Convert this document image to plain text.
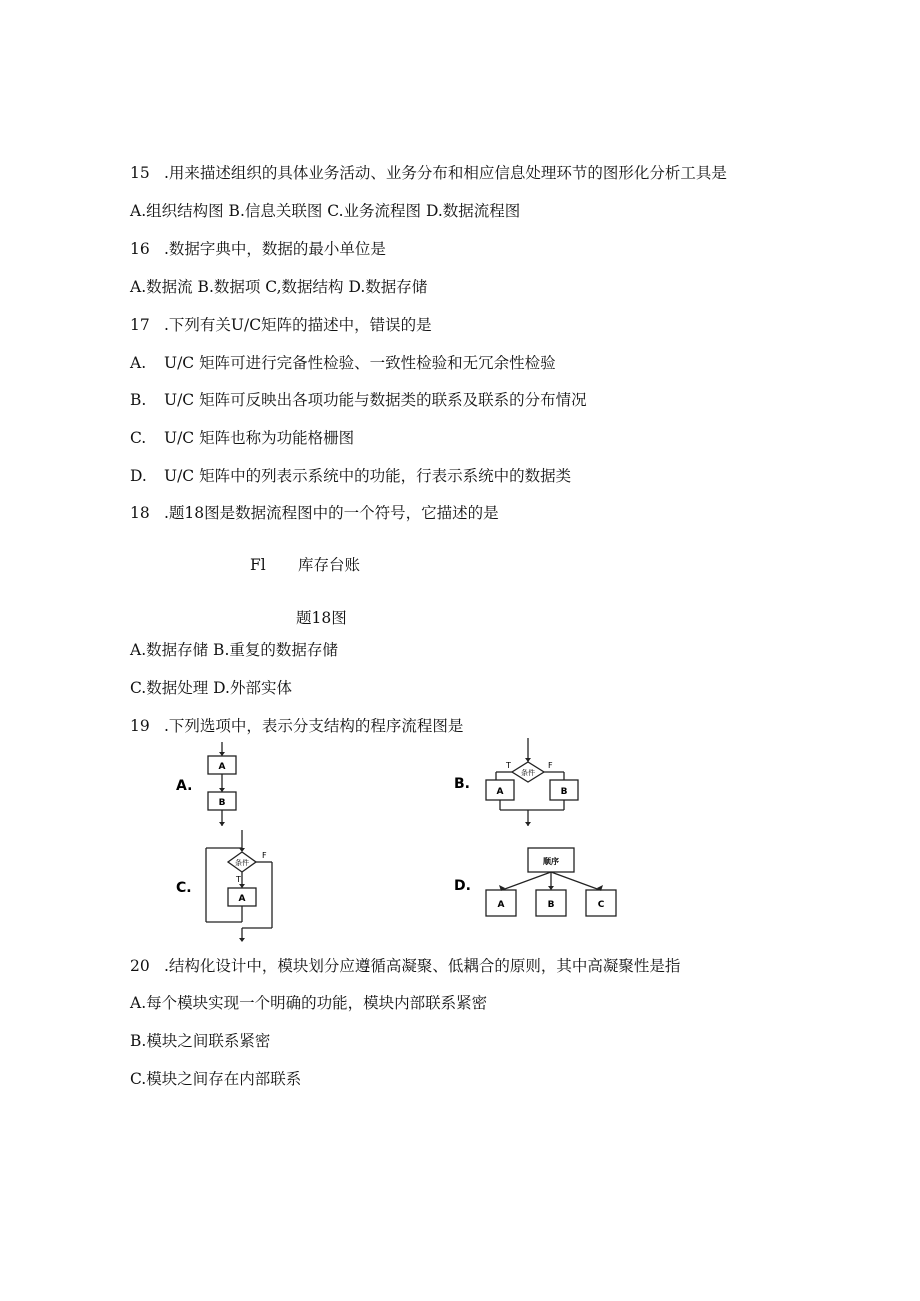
15 .用来描述组织的具体业务活动、业务分布和相应信息处理环节的图形化分析工具是
A.组织结构图 B.信息关联图 C.业务流程图 D.数据流程图
16 .数据字典中，数据的最小单位是
A.数据流 B.数据项 C,数据结构 D.数据存储
17 .下列有关U/C矩阵的描述中，错误的是
A. U/C 矩阵可进行完备性检验、一致性检验和无冗余性检验
B. U/C 矩阵可反映出各项功能与数据类的联系及联系的分布情况
C. U/C 矩阵也称为功能格栅图
D. U/C 矩阵中的列表示系统中的功能，行表示系统中的数据类
18 .题18图是数据流程图中的一个符号，它描述的是
Fl 库存台账
题18图
A.数据存储 B.重复的数据存储
C.数据处理 D.外部实体
19 .下列选项中，表示分支结构的程序流程图是
A.
A
B
C.
条件
T
F
A
B.
条件
T	F
A	B
D.
顺序
A	B	C
20 .结构化设计中，模块划分应遵循高凝聚、低耦合的原则，其中高凝聚性是指
A.每个模块实现一个明确的功能，模块内部联系紧密
B.模块之间联系紧密
C.模块之间存在内部联系
